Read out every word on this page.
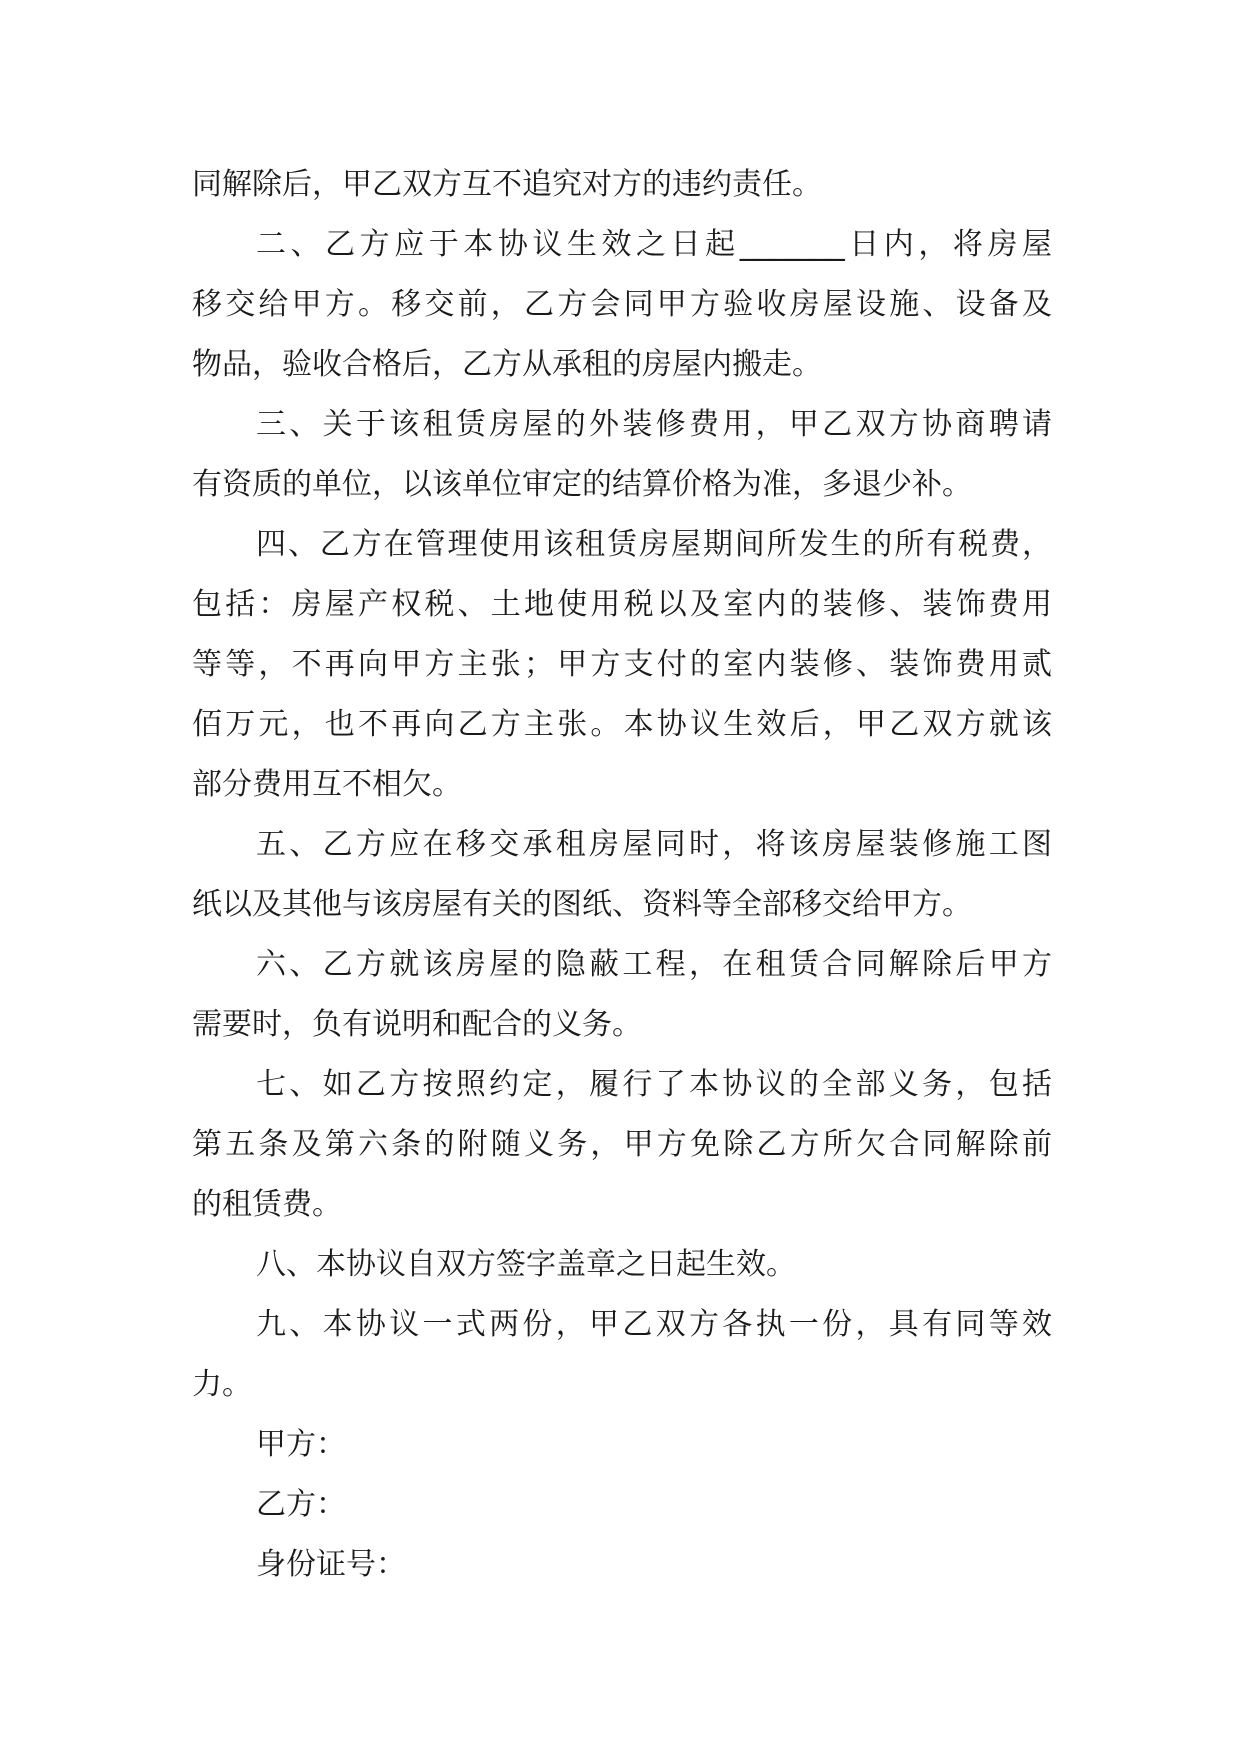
同解除后，甲乙双方互不追究对方的违约责任。
二、乙方应于本协议生效之日起_______日内，将房屋
移交给甲方。移交前，乙方会同甲方验收房屋设施、设备及
物品，验收合格后，乙方从承租的房屋内搬走。
三、关于该租赁房屋的外装修费用，甲乙双方协商聘请
有资质的单位，以该单位审定的结算价格为准，多退少补。
四、乙方在管理使用该租赁房屋期间所发生的所有税费，
包括：房屋产权税、土地使用税以及室内的装修、装饰费用
等等，不再向甲方主张；甲方支付的室内装修、装饰费用贰
佰万元，也不再向乙方主张。本协议生效后，甲乙双方就该
部分费用互不相欠。
五、乙方应在移交承租房屋同时，将该房屋装修施工图
纸以及其他与该房屋有关的图纸、资料等全部移交给甲方。
六、乙方就该房屋的隐蔽工程，在租赁合同解除后甲方
需要时，负有说明和配合的义务。
七、如乙方按照约定，履行了本协议的全部义务，包括
第五条及第六条的附随义务，甲方免除乙方所欠合同解除前
的租赁费。
八、本协议自双方签字盖章之日起生效。
九、本协议一式两份，甲乙双方各执一份，具有同等效
力。
甲方：
乙方：
身份证号：
